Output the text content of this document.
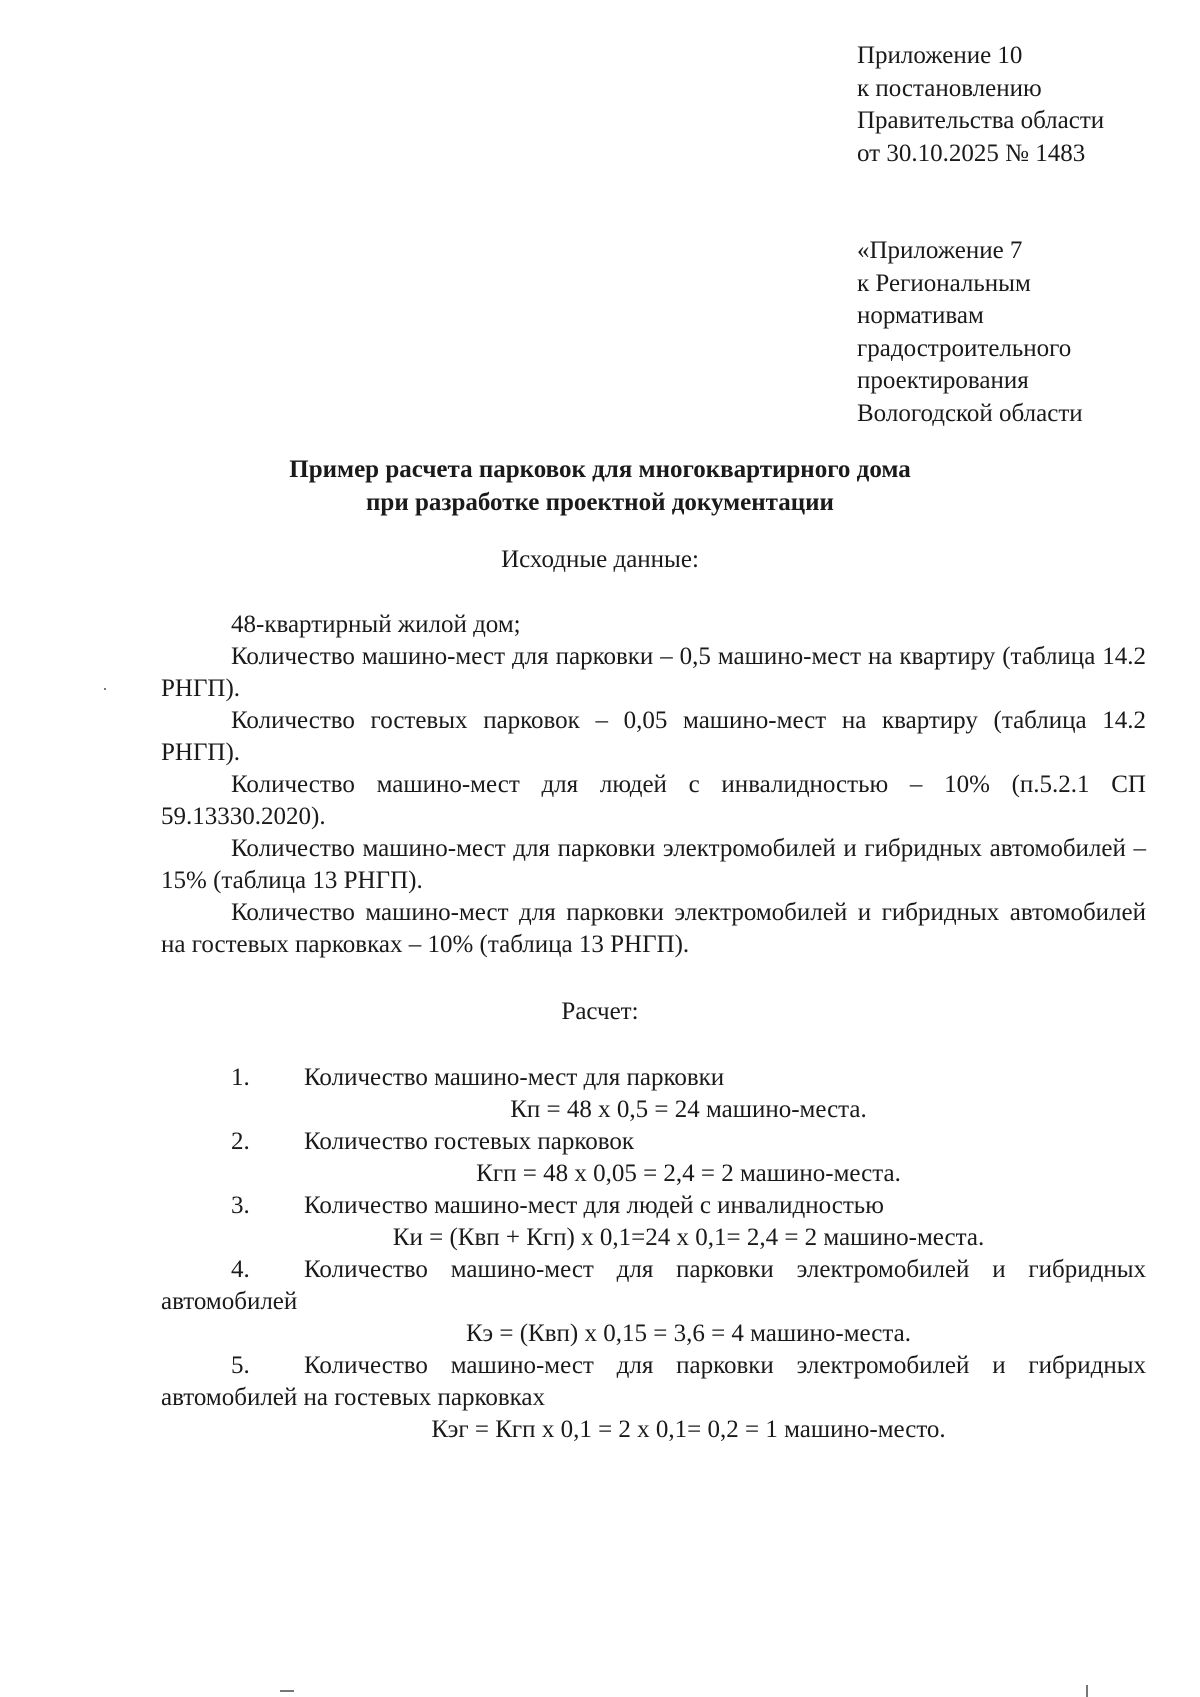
Приложение 10
к постановлению
Правительства области
от 30.10.2025 № 1483
«Приложение 7
к Региональным
нормативам
градостроительного
проектирования
Вологодской области
Пример расчета парковок для многоквартирного дома
при разработке проектной документации
Исходные данные:

48-квартирный жилой дом;

Количество машино-мест для парковки – 0,5 машино-мест на квартиру (таблица 14.2 РНГП).

Количество гостевых парковок – 0,05 машино-мест на квартиру (таблица 14.2 РНГП).

Количество машино-мест для людей с инвалидностью – 10% (п.5.2.1 СП 59.13330.2020).

Количество машино-мест для парковки электромобилей и гибридных автомобилей – 15% (таблица 13 РНГП).

Количество машино-мест для парковки электромобилей и гибридных автомобилей на гостевых парковках – 10% (таблица 13 РНГП).

Расчет:

1. Количество машино-мест для парковки

Кп = 48 х 0,5 = 24 машино-места.

2. Количество гостевых парковок

Кгп = 48 х 0,05 = 2,4 = 2 машино-места.

3. Количество машино-мест для людей с инвалидностью

Ки = (Квп + Кгп) х 0,1=24 х 0,1= 2,4 = 2 машино-места.

4. Количество машино-мест для парковки электромобилей и гибридных автомобилей

Кэ = (Квп) х 0,15 = 3,6 = 4 машино-места.

5. Количество машино-мест для парковки электромобилей и гибридных автомобилей на гостевых парковках

Кэг = Кгп х 0,1 = 2 х 0,1= 0,2 = 1 машино-место.
